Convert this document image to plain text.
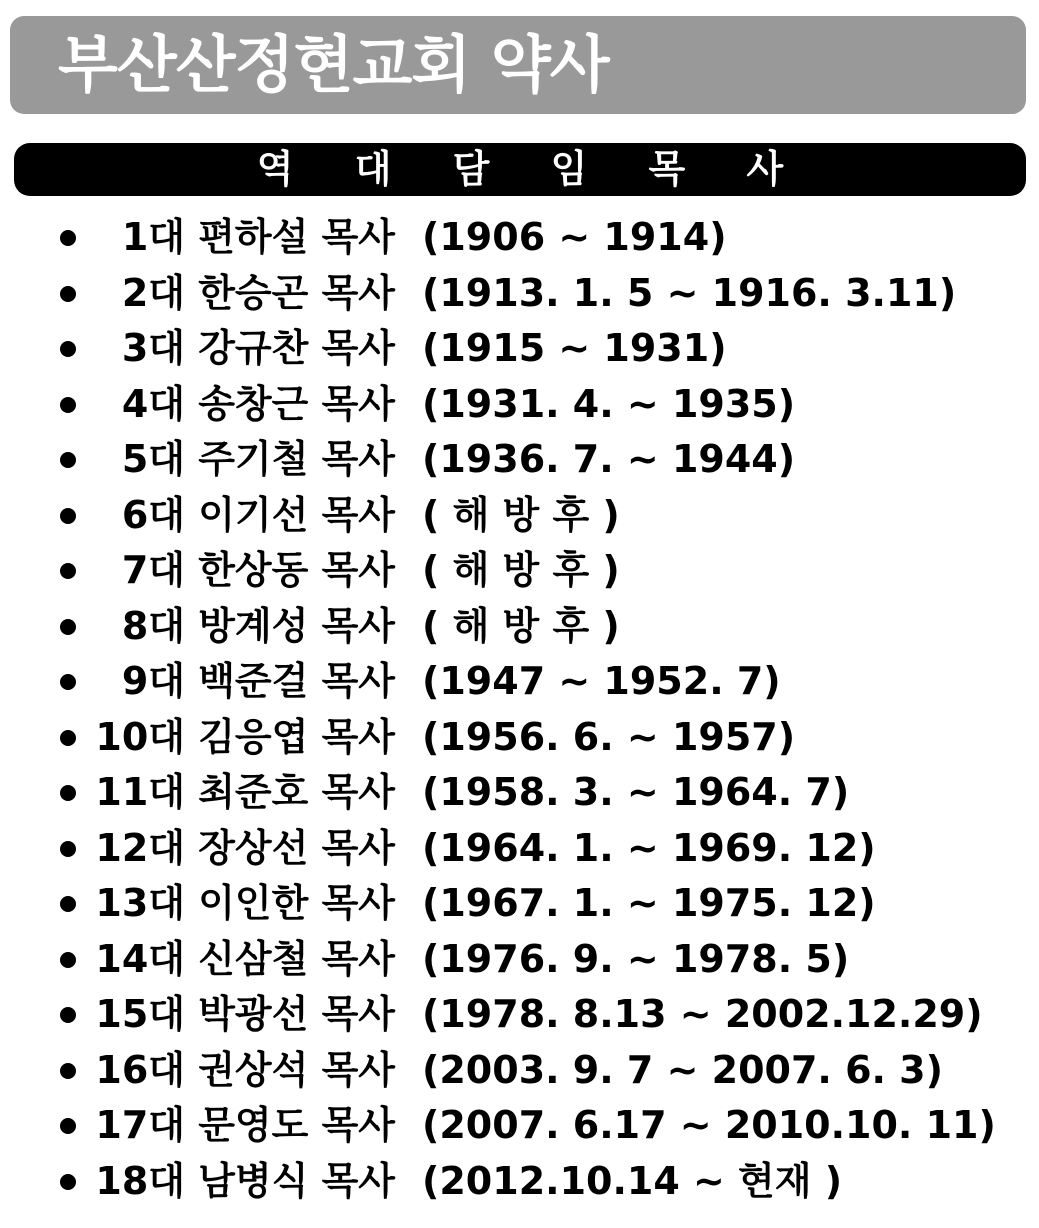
부산산정현교회 약사
역 대 담 임 목 사
1대 편하설 목사 (1906 ~ 1914)
2대 한승곤 목사 (1913. 1. 5 ~ 1916. 3.11)
3대 강규찬 목사 (1915 ~ 1931)
4대 송창근 목사 (1931. 4. ~ 1935)
5대 주기철 목사 (1936. 7. ~ 1944)
6대 이기선 목사 ( 해 방 후 )
7대 한상동 목사 ( 해 방 후 )
8대 방계성 목사 ( 해 방 후 )
9대 백준걸 목사 (1947 ~ 1952. 7)
10대 김응엽 목사 (1956. 6. ~ 1957)
11대 최준호 목사 (1958. 3. ~ 1964. 7)
12대 장상선 목사 (1964. 1. ~ 1969. 12)
13대 이인한 목사 (1967. 1. ~ 1975. 12)
14대 신삼철 목사 (1976. 9. ~ 1978. 5)
15대 박광선 목사 (1978. 8.13 ~ 2002.12.29)
16대 권상석 목사 (2003. 9. 7 ~ 2007. 6. 3)
17대 문영도 목사 (2007. 6.17 ~ 2010.10. 11)
18대 남병식 목사 (2012.10.14 ~ 현재 )
